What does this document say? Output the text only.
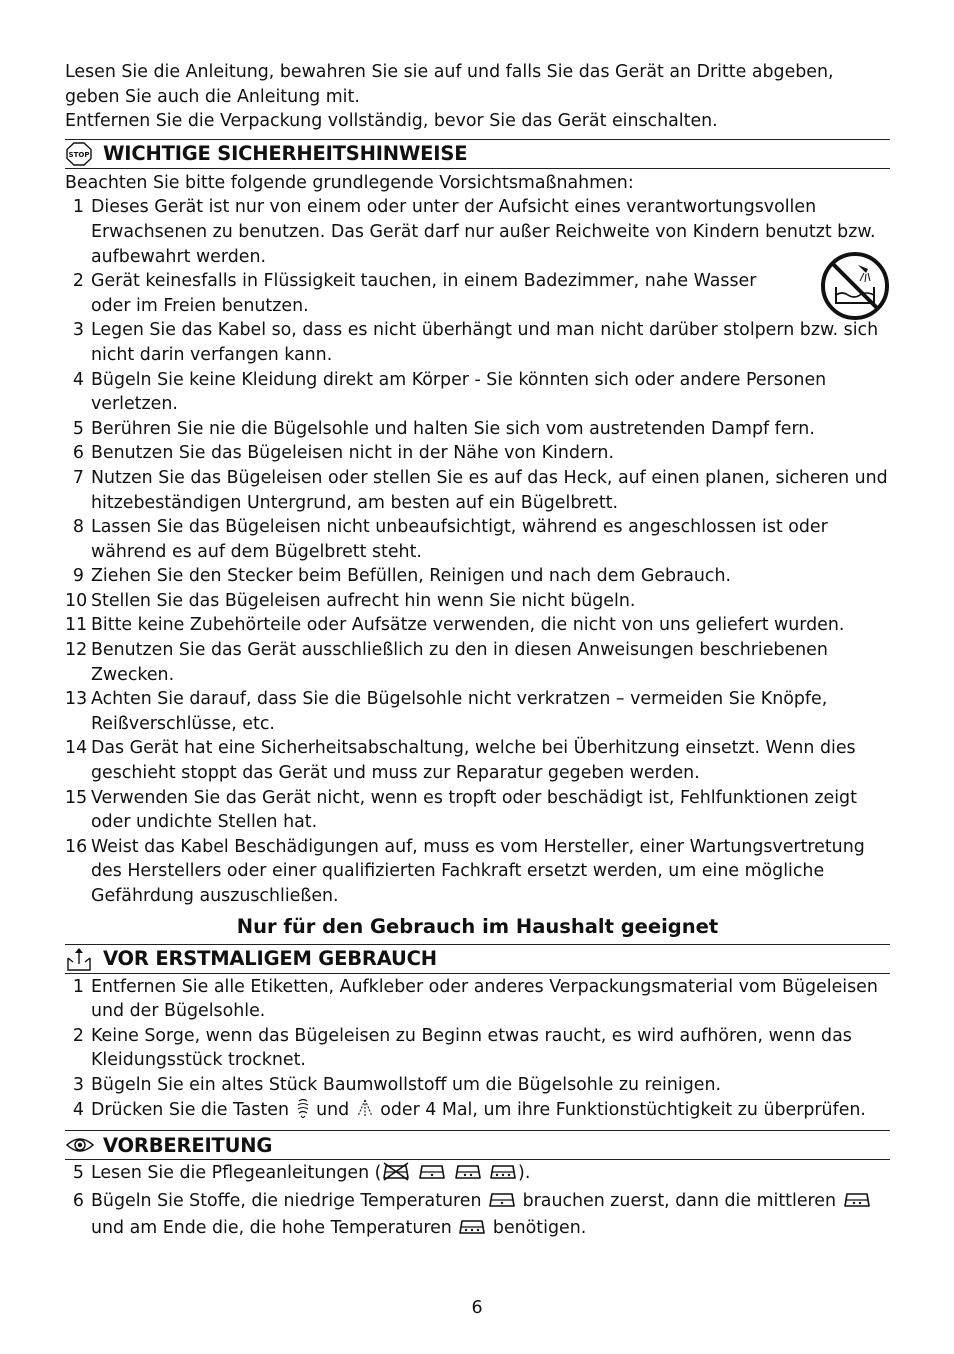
Lesen Sie die Anleitung, bewahren Sie sie auf und falls Sie das Gerät an Dritte abgeben, geben Sie auch die Anleitung mit.

Entfernen Sie die Verpackung vollständig, bevor Sie das Gerät einschalten.

STOP WICHTIGE SICHERHEITSHINWEISE

Beachten Sie bitte folgende grundlegende Vorsichtsmaßnahmen:

1 Dieses Gerät ist nur von einem oder unter der Aufsicht eines verantwortungsvollen Erwachsenen zu benutzen. Das Gerät darf nur außer Reichweite von Kindern benutzt bzw. aufbewahrt werden.
2 Gerät keinesfalls in Flüssigkeit tauchen, in einem Badezimmer, nahe Wasser oder im Freien benutzen.
3 Legen Sie das Kabel so, dass es nicht überhängt und man nicht darüber stolpern bzw. sich nicht darin verfangen kann.
4 Bügeln Sie keine Kleidung direkt am Körper - Sie könnten sich oder andere Personen verletzen.
5 Berühren Sie nie die Bügelsohle und halten Sie sich vom austretenden Dampf fern.
6 Benutzen Sie das Bügeleisen nicht in der Nähe von Kindern.
7 Nutzen Sie das Bügeleisen oder stellen Sie es auf das Heck, auf einen planen, sicheren und hitzebeständigen Untergrund, am besten auf ein Bügelbrett.
8 Lassen Sie das Bügeleisen nicht unbeaufsichtigt, während es angeschlossen ist oder während es auf dem Bügelbrett steht.
9 Ziehen Sie den Stecker beim Befüllen, Reinigen und nach dem Gebrauch.
10 Stellen Sie das Bügeleisen aufrecht hin wenn Sie nicht bügeln.
11 Bitte keine Zubehörteile oder Aufsätze verwenden, die nicht von uns geliefert wurden.
12 Benutzen Sie das Gerät ausschließlich zu den in diesen Anweisungen beschriebenen Zwecken.
13 Achten Sie darauf, dass Sie die Bügelsohle nicht verkratzen – vermeiden Sie Knöpfe, Reißverschlüsse, etc.
14 Das Gerät hat eine Sicherheitsabschaltung, welche bei Überhitzung einsetzt. Wenn dies geschieht stoppt das Gerät und muss zur Reparatur gegeben werden.
15 Verwenden Sie das Gerät nicht, wenn es tropft oder beschädigt ist, Fehlfunktionen zeigt oder undichte Stellen hat.
16 Weist das Kabel Beschädigungen auf, muss es vom Hersteller, einer Wartungsvertretung des Herstellers oder einer qualifizierten Fachkraft ersetzt werden, um eine mögliche Gefährdung auszuschließen.
Nur für den Gebrauch im Haushalt geeignet
VOR ERSTMALIGEM GEBRAUCH
1 Entfernen Sie alle Etiketten, Aufkleber oder anderes Verpackungsmaterial vom Bügeleisen und der Bügelsohle.
2 Keine Sorge, wenn das Bügeleisen zu Beginn etwas raucht, es wird aufhören, wenn das Kleidungsstück trocknet.
3 Bügeln Sie ein altes Stück Baumwollstoff um die Bügelsohle zu reinigen.
4 Drücken Sie die Tasten und oder 4 Mal, um ihre Funktionstüchtigkeit zu überprüfen.
VORBEREITUNG
5 Lesen Sie die Pflegeanleitungen (	).
6 Bügeln Sie Stoffe, die niedrige Temperaturen brauchen zuerst, dann die mittleren  und am Ende die, die hohe Temperaturen benötigen.
6
